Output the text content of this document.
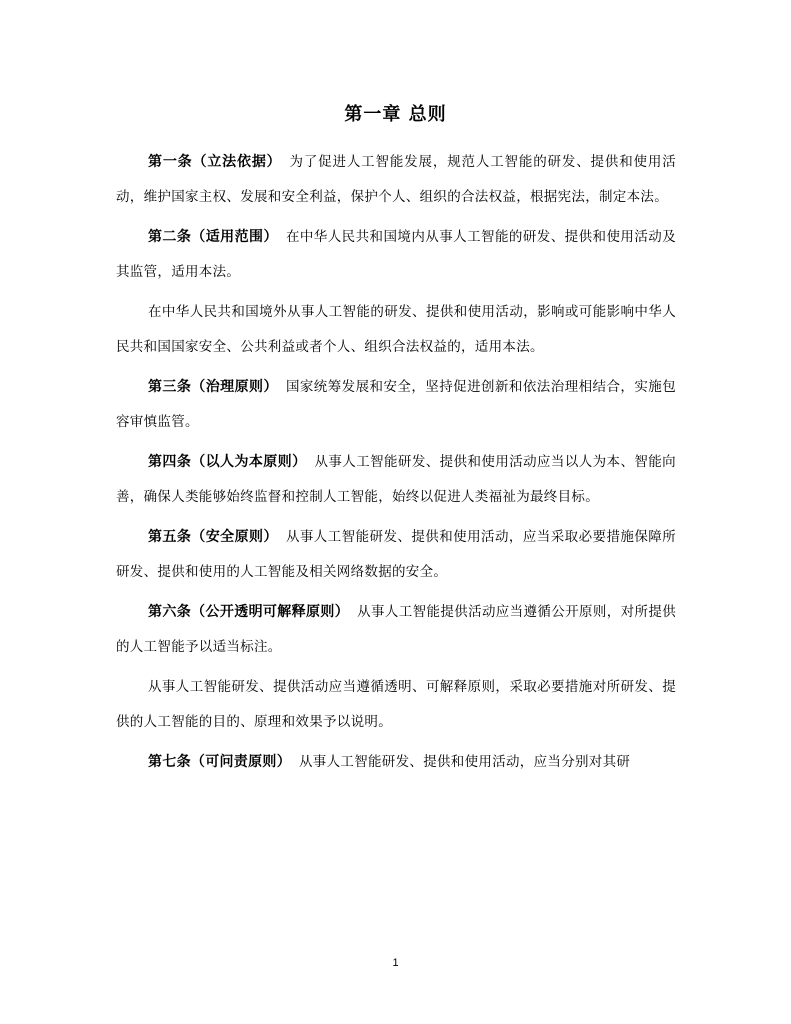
第一章 总则

第一条（立法依据） 为了促进人工智能发展，规范人工智能的研发、提供和使用活动，维护国家主权、发展和安全利益，保护个人、组织的合法权益，根据宪法，制定本法。

第二条（适用范围） 在中华人民共和国境内从事人工智能的研发、提供和使用活动及其监管，适用本法。

在中华人民共和国境外从事人工智能的研发、提供和使用活动，影响或可能影响中华人民共和国国家安全、公共利益或者个人、组织合法权益的，适用本法。

第三条（治理原则） 国家统筹发展和安全，坚持促进创新和依法治理相结合，实施包容审慎监管。

第四条（以人为本原则） 从事人工智能研发、提供和使用活动应当以人为本、智能向善，确保人类能够始终监督和控制人工智能，始终以促进人类福祉为最终目标。

第五条（安全原则） 从事人工智能研发、提供和使用活动，应当采取必要措施保障所研发、提供和使用的人工智能及相关网络数据的安全。

第六条（公开透明可解释原则） 从事人工智能提供活动应当遵循公开原则，对所提供的人工智能予以适当标注。

从事人工智能研发、提供活动应当遵循透明、可解释原则，采取必要措施对所研发、提供的人工智能的目的、原理和效果予以说明。

第七条（可问责原则） 从事人工智能研发、提供和使用活动，应当分别对其研

1
